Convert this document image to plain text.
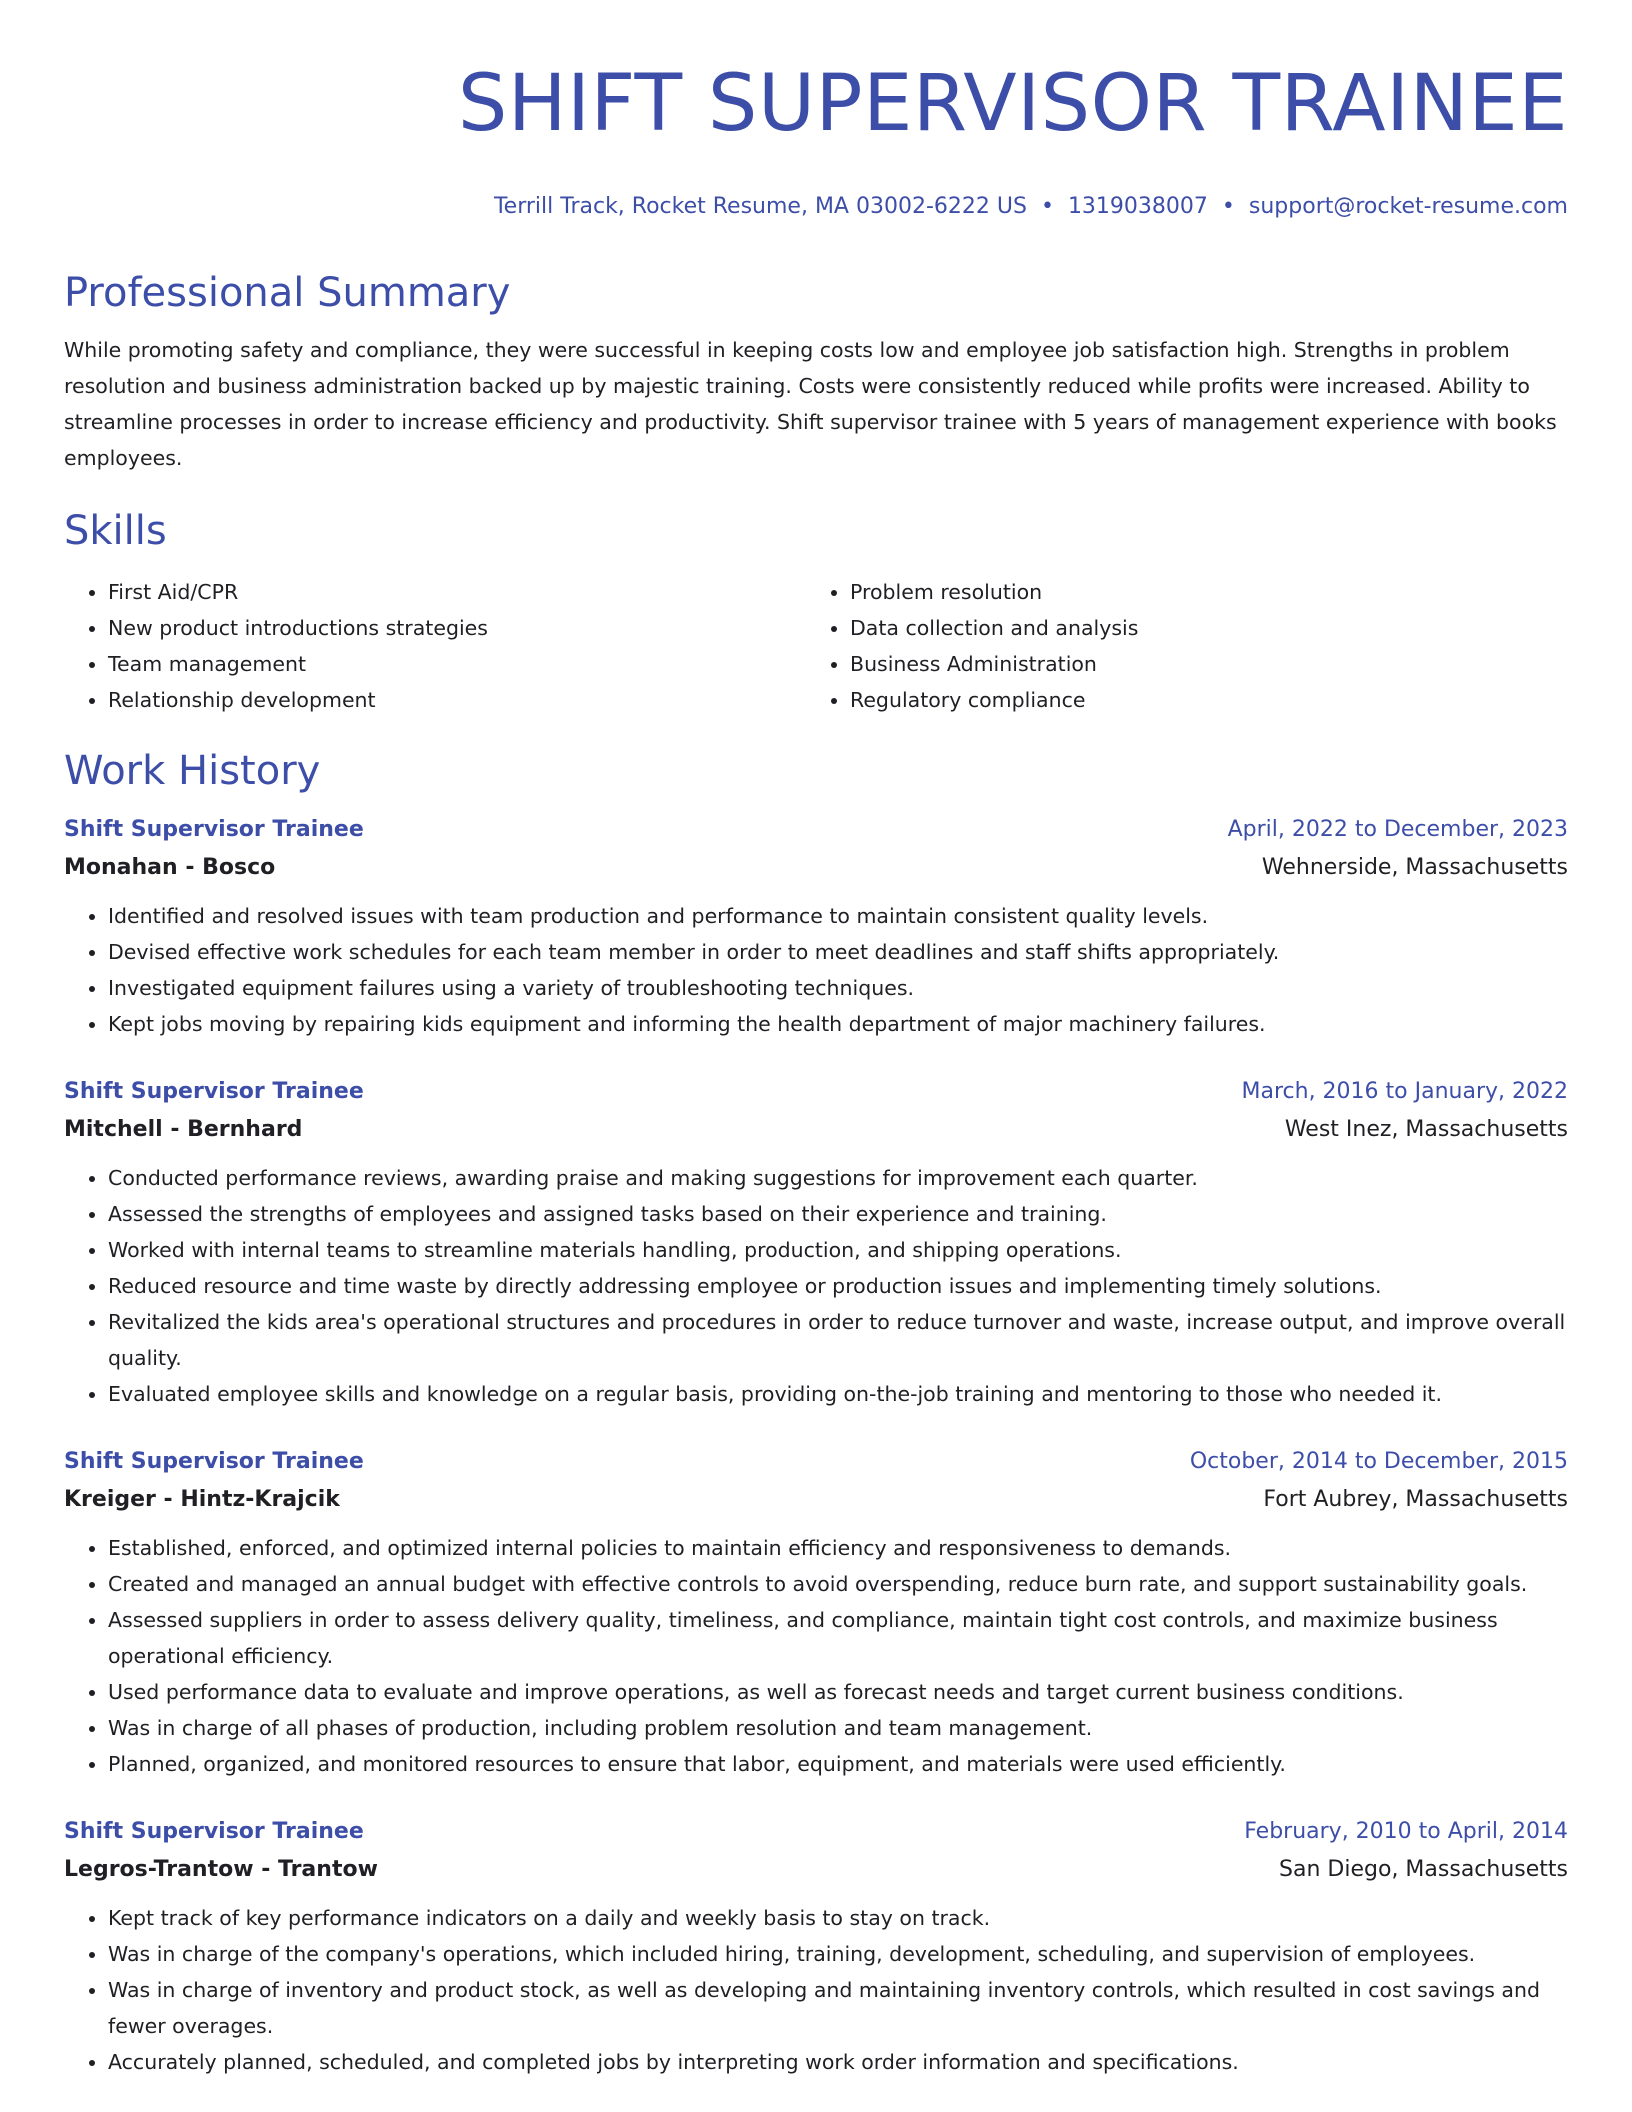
SHIFT SUPERVISOR TRAINEE
Terrill Track, Rocket Resume, MA 03002-6222 US • 1319038007 • support@rocket-resume.com
Professional Summary
While promoting safety and compliance, they were successful in keeping costs low and employee job satisfaction high. Strengths in problem resolution and business administration backed up by majestic training. Costs were consistently reduced while profits were increased. Ability to streamline processes in order to increase efficiency and productivity. Shift supervisor trainee with 5 years of management experience with books employees.
Skills
• First Aid/CPR
• New product introductions strategies
• Team management
• Relationship development
• Problem resolution
• Data collection and analysis
• Business Administration
• Regulatory compliance
Work History
Shift Supervisor Trainee	April, 2022 to December, 2023
Monahan - Bosco	Wehnerside, Massachusetts
• Identified and resolved issues with team production and performance to maintain consistent quality levels.
• Devised effective work schedules for each team member in order to meet deadlines and staff shifts appropriately.
• Investigated equipment failures using a variety of troubleshooting techniques.
• Kept jobs moving by repairing kids equipment and informing the health department of major machinery failures.
Shift Supervisor Trainee	March, 2016 to January, 2022
Mitchell - Bernhard	West Inez, Massachusetts
• Conducted performance reviews, awarding praise and making suggestions for improvement each quarter.
• Assessed the strengths of employees and assigned tasks based on their experience and training.
• Worked with internal teams to streamline materials handling, production, and shipping operations.
• Reduced resource and time waste by directly addressing employee or production issues and implementing timely solutions.
• Revitalized the kids area's operational structures and procedures in order to reduce turnover and waste, increase output, and improve overall quality.
• Evaluated employee skills and knowledge on a regular basis, providing on-the-job training and mentoring to those who needed it.
Shift Supervisor Trainee	October, 2014 to December, 2015
Kreiger - Hintz-Krajcik	Fort Aubrey, Massachusetts
• Established, enforced, and optimized internal policies to maintain efficiency and responsiveness to demands.
• Created and managed an annual budget with effective controls to avoid overspending, reduce burn rate, and support sustainability goals.
• Assessed suppliers in order to assess delivery quality, timeliness, and compliance, maintain tight cost controls, and maximize business operational efficiency.
• Used performance data to evaluate and improve operations, as well as forecast needs and target current business conditions.
• Was in charge of all phases of production, including problem resolution and team management.
• Planned, organized, and monitored resources to ensure that labor, equipment, and materials were used efficiently.
Shift Supervisor Trainee	February, 2010 to April, 2014
Legros-Trantow - Trantow	San Diego, Massachusetts
• Kept track of key performance indicators on a daily and weekly basis to stay on track.
• Was in charge of the company's operations, which included hiring, training, development, scheduling, and supervision of employees.
• Was in charge of inventory and product stock, as well as developing and maintaining inventory controls, which resulted in cost savings and fewer overages.
• Accurately planned, scheduled, and completed jobs by interpreting work order information and specifications.
